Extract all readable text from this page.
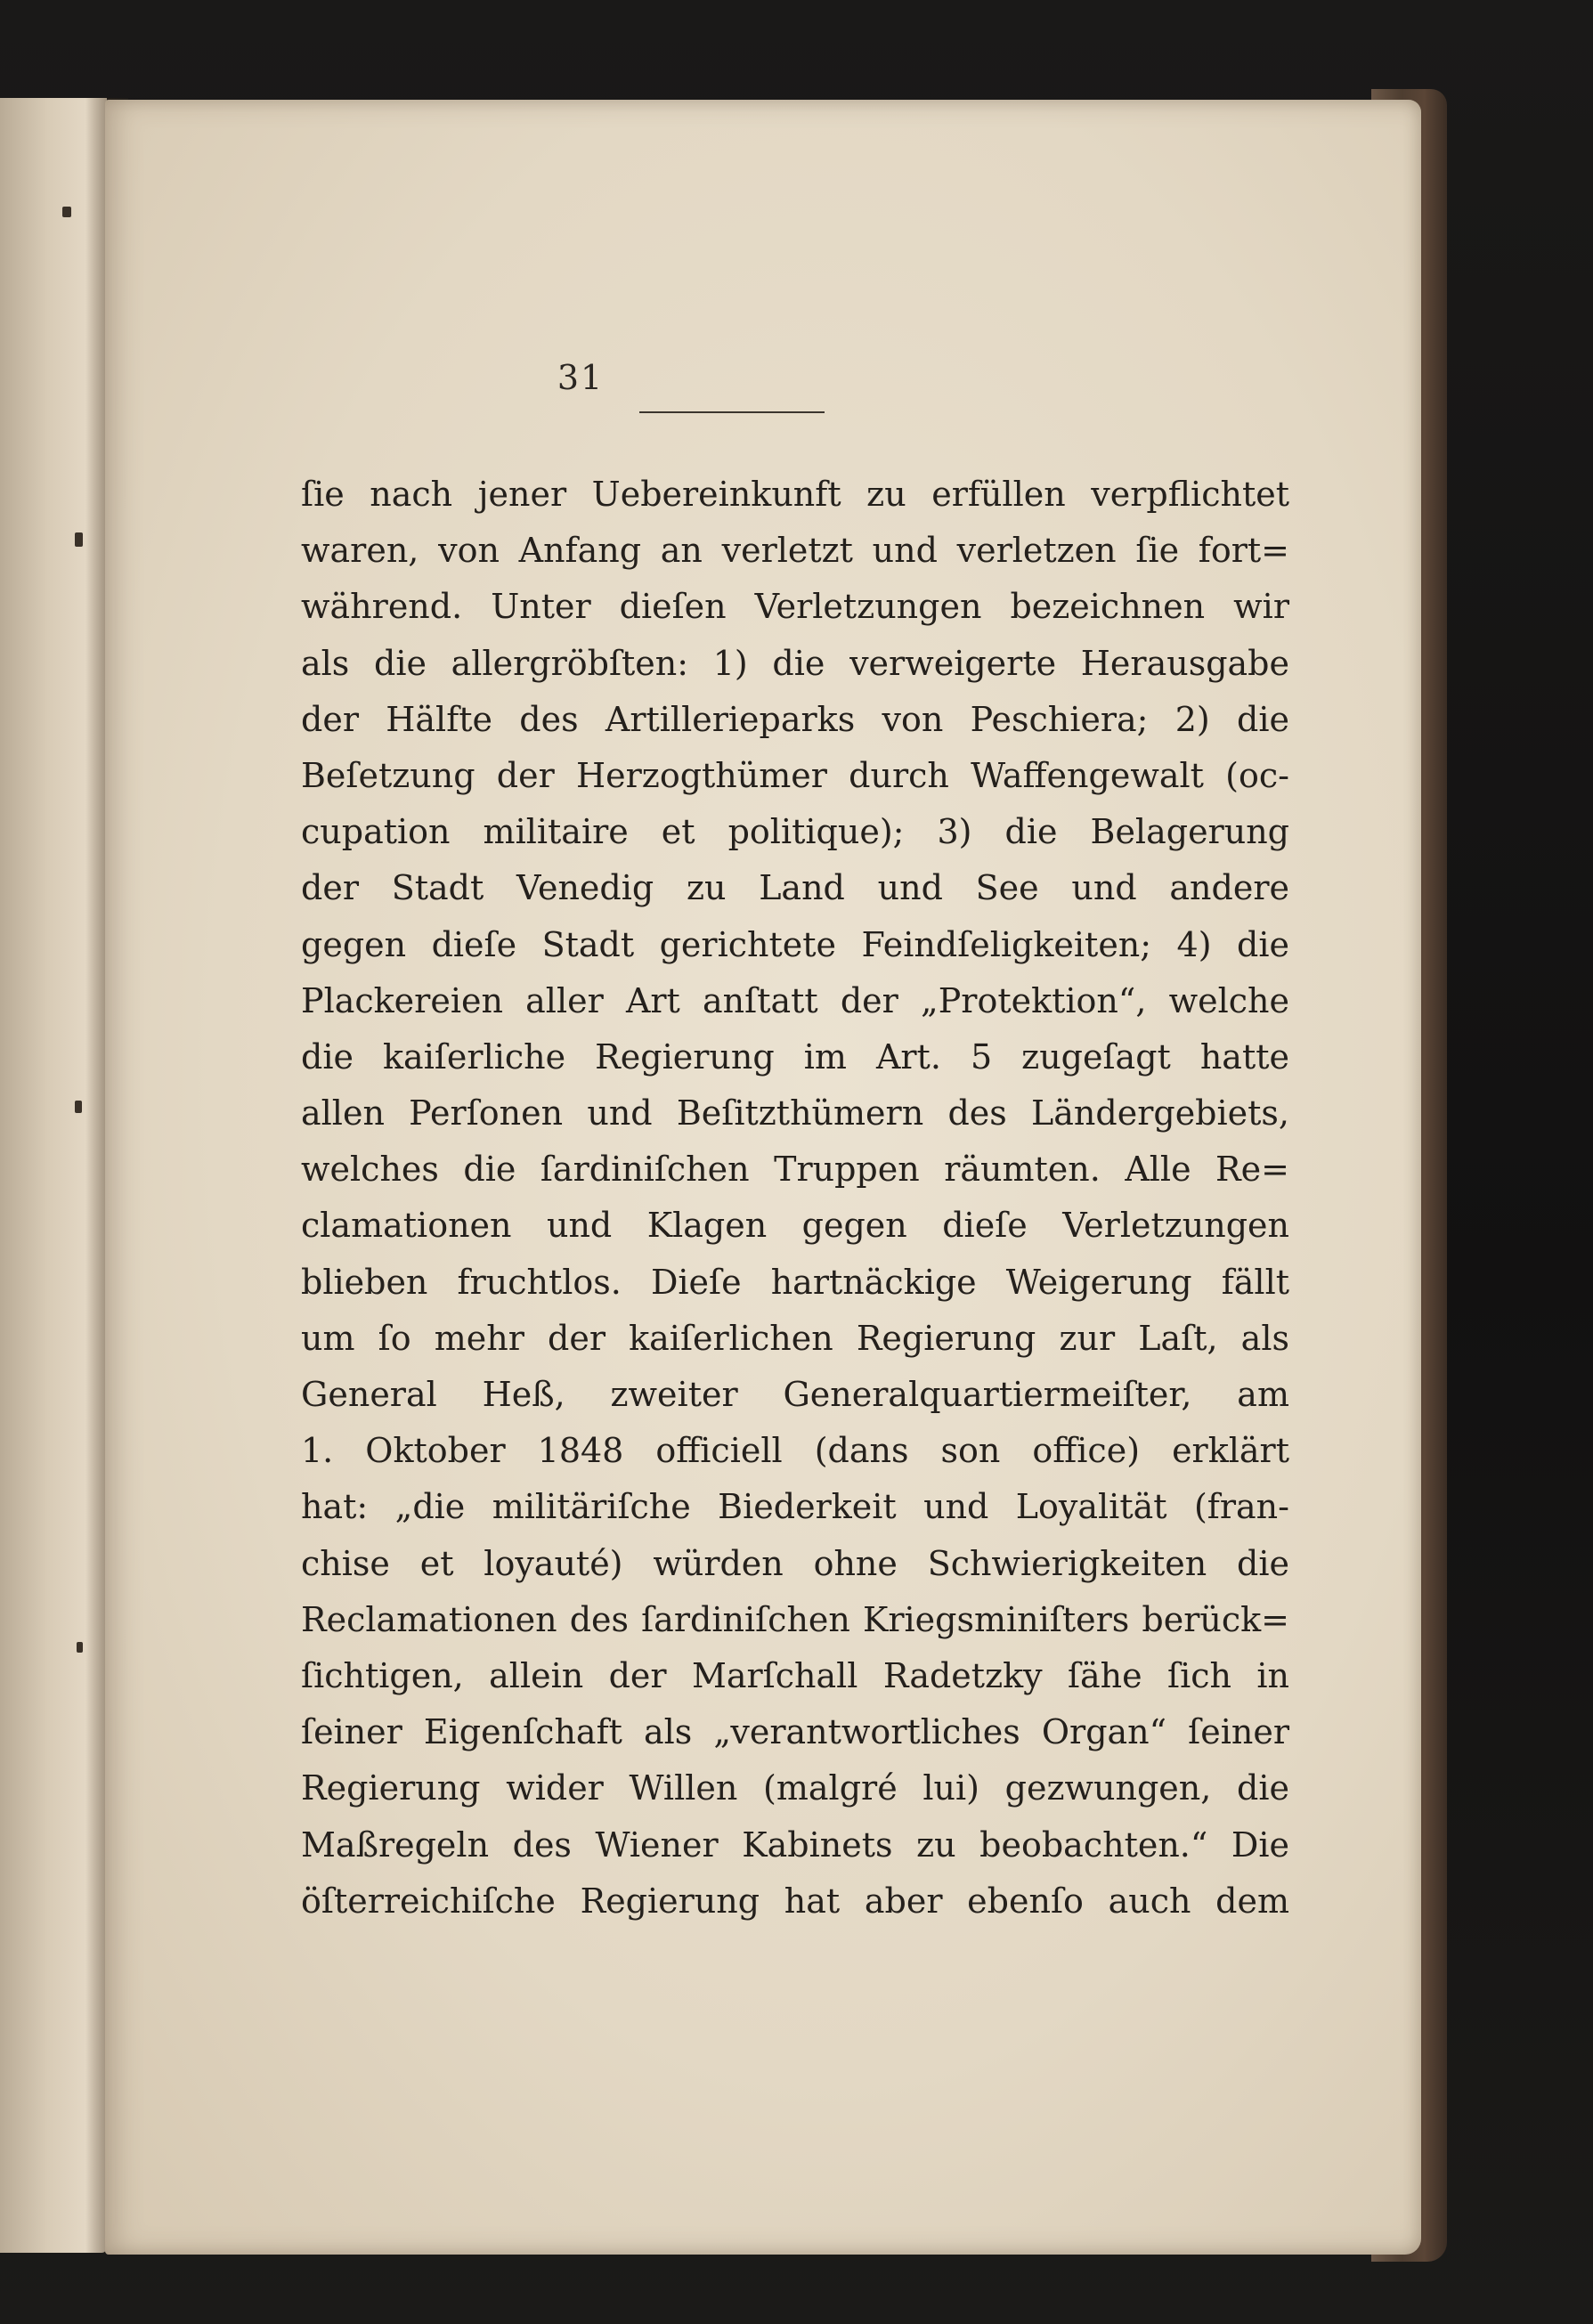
31
ſie nach jener Uebereinkunft zu erfüllen verpflichtet
waren, von Anfang an verletzt und verletzen ſie fort=
während. Unter dieſen Verletzungen bezeichnen wir
als die allergröbſten: 1) die verweigerte Herausgabe
der Hälfte des Artillerieparks von Peschiera; 2) die
Beſetzung der Herzogthümer durch Waffengewalt (oc-
cupation militaire et politique); 3) die Belagerung
der Stadt Venedig zu Land und See und andere
gegen dieſe Stadt gerichtete Feindſeligkeiten; 4) die
Plackereien aller Art anſtatt der „Protektion“, welche
die kaiſerliche Regierung im Art. 5 zugeſagt hatte
allen Perſonen und Beſitzthümern des Ländergebiets,
welches die ſardiniſchen Truppen räumten. Alle Re=
clamationen und Klagen gegen dieſe Verletzungen
blieben fruchtlos. Dieſe hartnäckige Weigerung fällt
um ſo mehr der kaiſerlichen Regierung zur Laſt, als
General Heß, zweiter Generalquartiermeiſter, am
1. Oktober 1848 officiell (dans son office) erklärt
hat: „die militäriſche Biederkeit und Loyalität (fran-
chise et loyauté) würden ohne Schwierigkeiten die
Reclamationen des ſardiniſchen Kriegsminiſters berück=
ſichtigen, allein der Marſchall Radetzky ſähe ſich in
ſeiner Eigenſchaft als „verantwortliches Organ“ ſeiner
Regierung wider Willen (malgré lui) gezwungen, die
Maßregeln des Wiener Kabinets zu beobachten.“ Die
öſterreichiſche Regierung hat aber ebenſo auch dem
